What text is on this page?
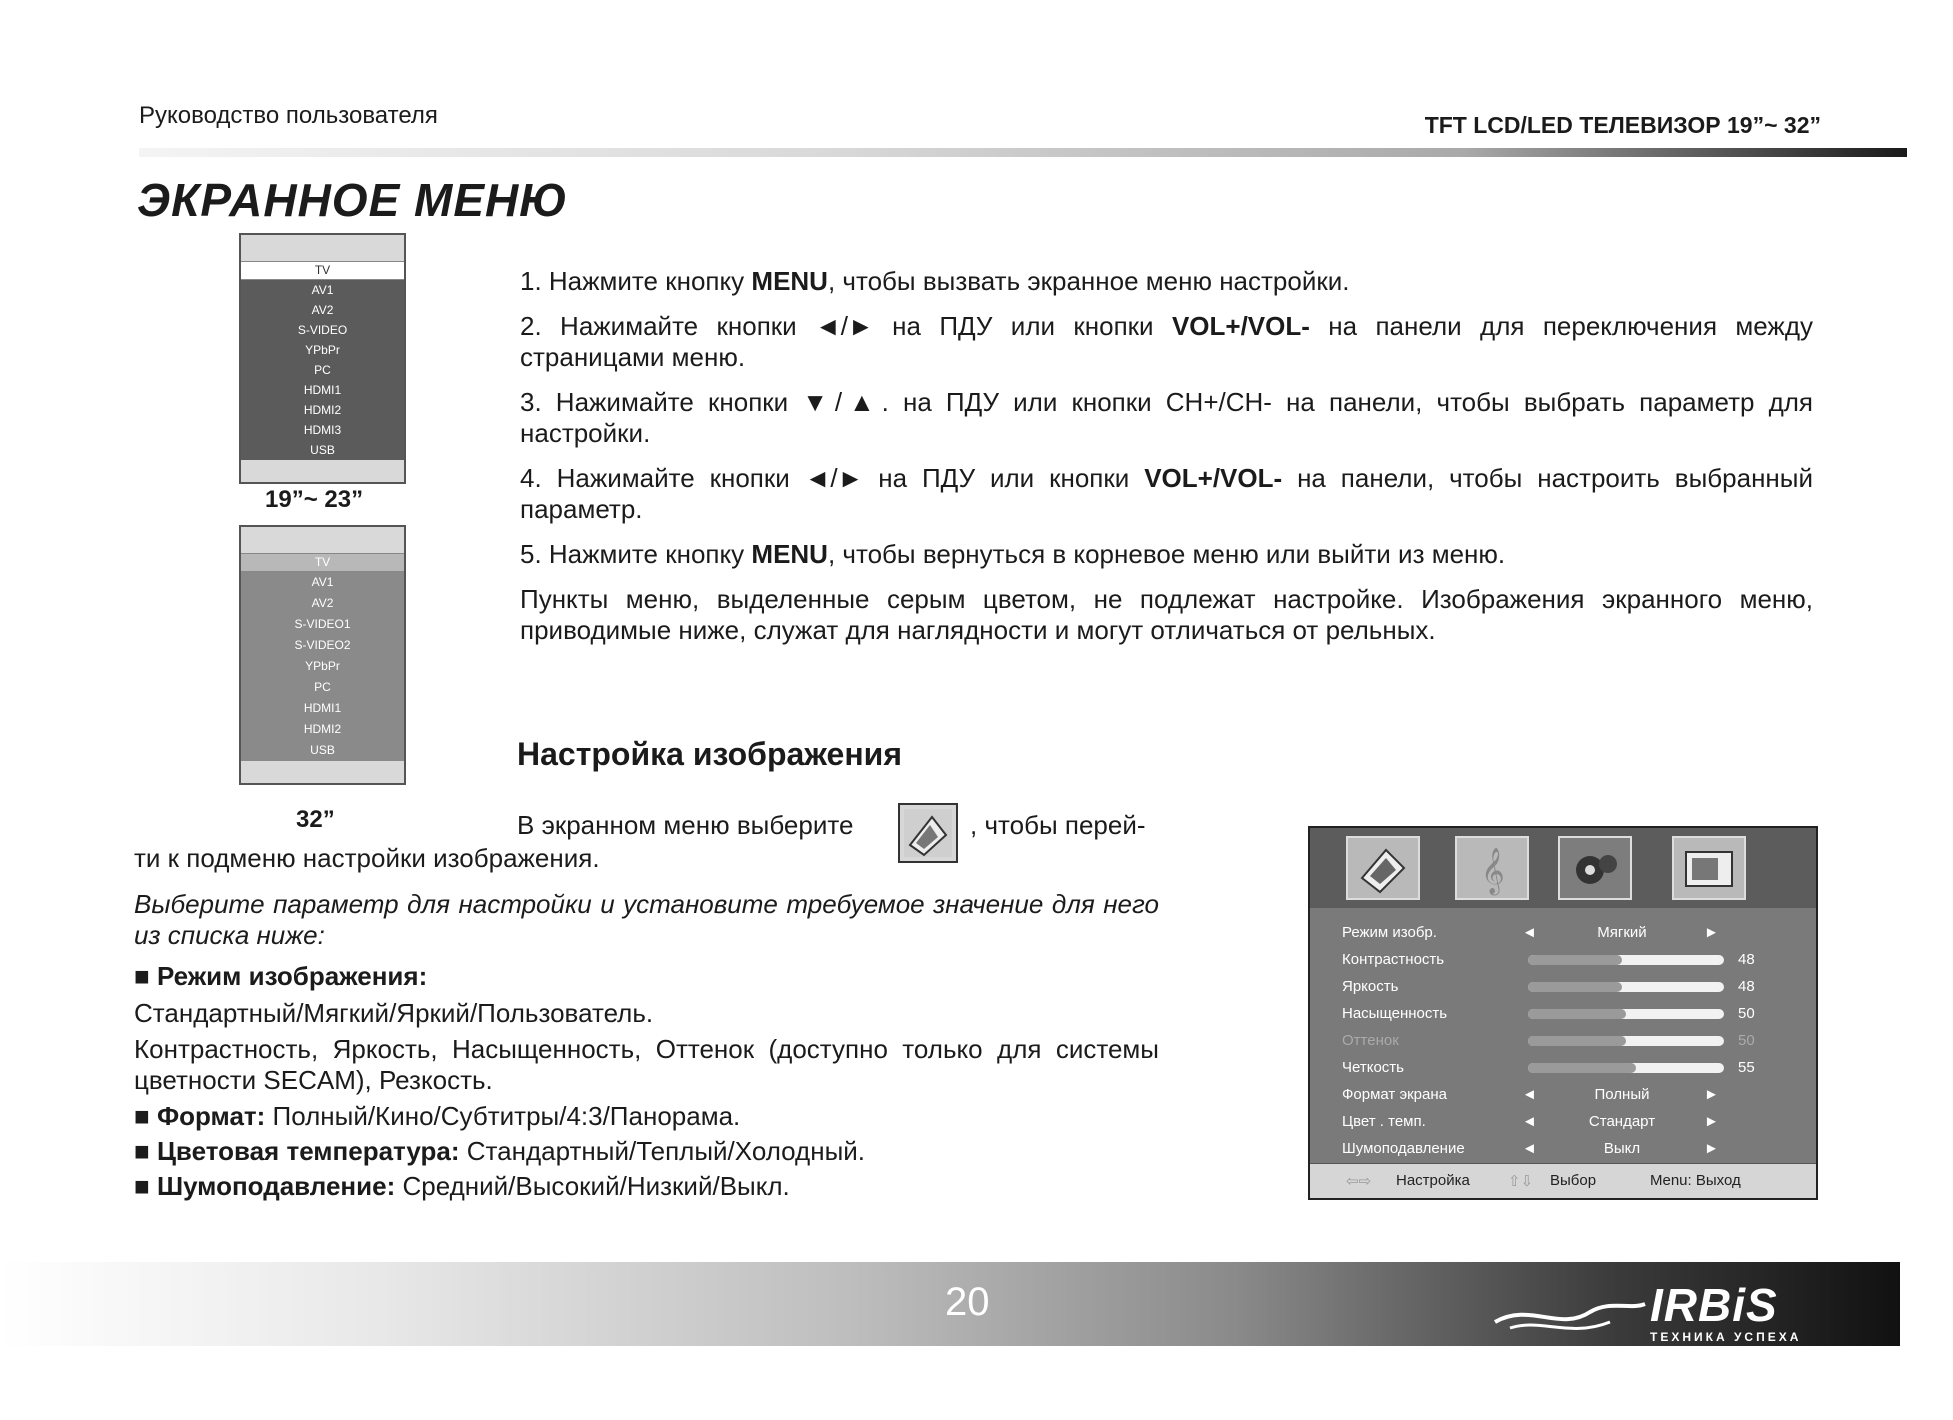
Руководство пользователя	TFT LCD/LED ТЕЛЕВИЗОР 19”~ 32”
ЭКРАННОЕ МЕНЮ
TV
AV1
AV2
S-VIDEO
YPbPr
PC
HDMI1
HDMI2
HDMI3
USB
19”~ 23”
TV
AV1
AV2
S-VIDEO1
S-VIDEO2
YPbPr
PC
HDMI1
HDMI2
USB
32”

1. Нажмите кнопку MENU, чтобы вызвать экранное меню настройки.

2. Нажимайте кнопки ◄/► на ПДУ или кнопки VOL+/VOL- на панели для переключения между страницами меню.

3. Нажимайте кнопки ▼/▲. на ПДУ или кнопки CH+/CH- на панели, чтобы выбрать параметр для настройки.

4. Нажимайте кнопки ◄/► на ПДУ или кнопки VOL+/VOL- на панели, чтобы настроить выбранный параметр.

5. Нажмите кнопку MENU, чтобы вернуться в корневое меню или выйти из меню.

Пункты меню, выделенные серым цветом, не подлежат настройке. Изображения экранного меню, приводимые ниже, служат для наглядности и могут отличаться от рельных.

Настройка изображения
В экранном меню выберите	, чтобы перей-
ти к подменю настройки изображения.
Выберите параметр для настройки и установите требуемое значение для него из списка ниже:
■ Режим изображения:
Стандартный/Мягкий/Яркий/Пользователь.
Контрастность, Яркость, Насыщенность, Оттенок (доступно только для системы цветности SECAM), Резкость.
■ Формат: Полный/Кино/Субтитры/4:3/Панорама.
■ Цветовая температура: Стандартный/Теплый/Холодный.
■ Шумоподавление: Средний/Высокий/Низкий/Выкл.
𝄞
Режим изобр.	◄	Мягкий	►
Контрастность	48
Яркость	48
Насыщенность	50
Оттенок	50
Четкость	55
Формат экрана	◄	Полный	►
Цвет . темп.	◄	Стандарт	►
Шумоподавление	◄	Выкл	►
⇦⇨ Настройка	⇧⇩ Выбор	Menu: Выход
20	IRBiS
ТЕХНИКА УСПЕХА
